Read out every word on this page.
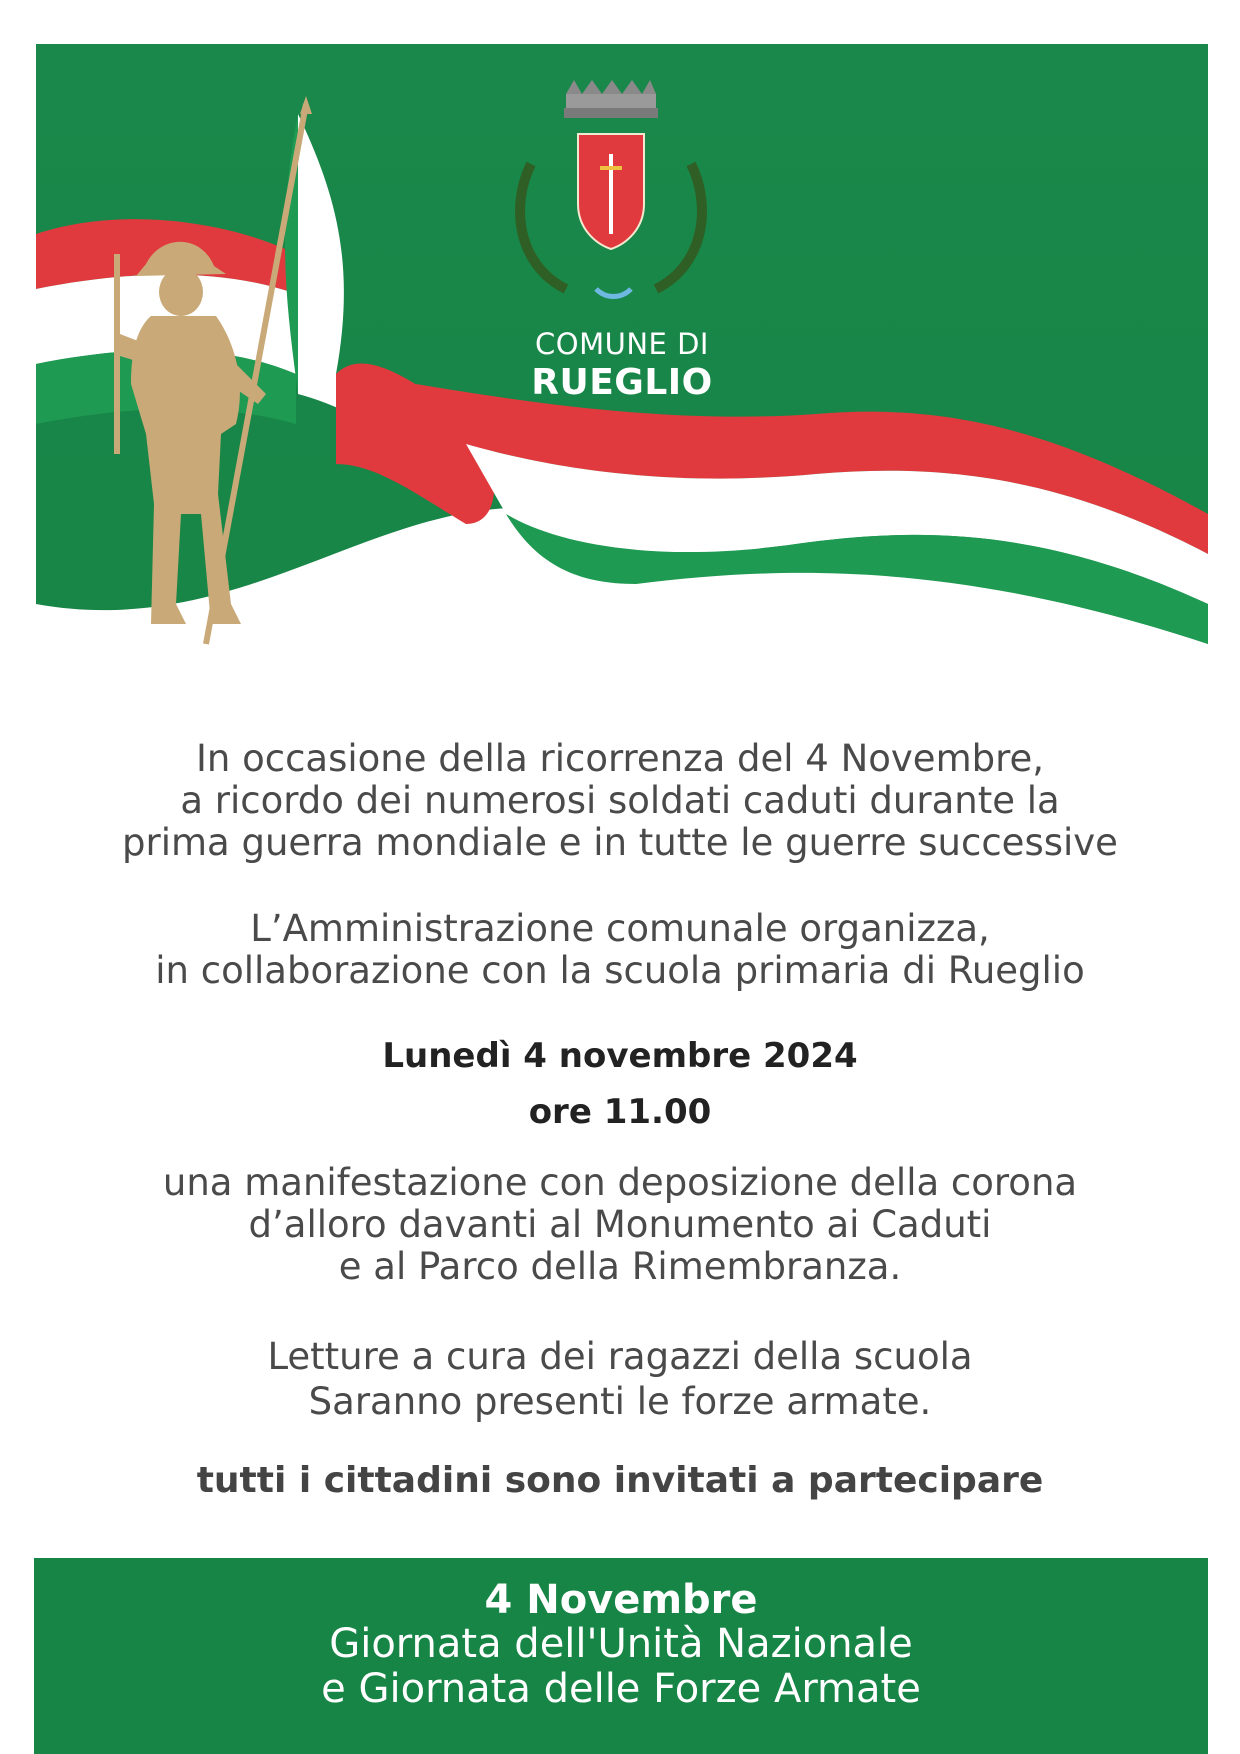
COMUNE DI
RUEGLIO
In occasione della ricorrenza del 4 Novembre,
a ricordo dei numerosi soldati caduti durante la
prima guerra mondiale e in tutte le guerre successive
L’Amministrazione comunale organizza,
in collaborazione con la scuola primaria di Rueglio
Lunedì 4 novembre 2024
ore 11.00
una manifestazione con deposizione della corona
d’alloro davanti al Monumento ai Caduti
e al Parco della Rimembranza.
Letture a cura dei ragazzi della scuola
Saranno presenti le forze armate.
tutti i cittadini sono invitati a partecipare
4 Novembre
Giornata dell'Unità Nazionale
e Giornata delle Forze Armate
